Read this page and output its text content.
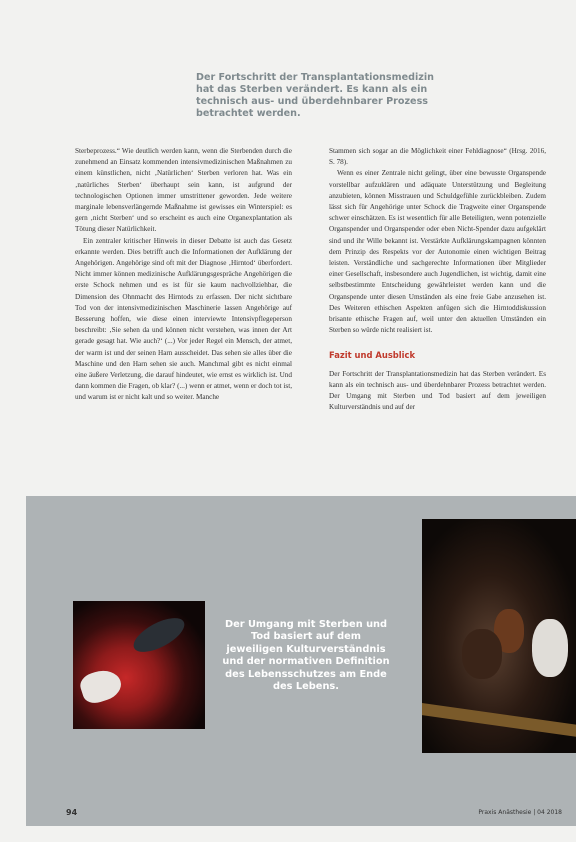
Der Fortschritt der Transplantationsmedizin hat das Sterben verändert. Es kann als ein technisch aus- und überdehnbarer Prozess betrachtet werden.

Sterbeprozess.“ Wie deutlich werden kann, wenn die Sterbenden durch die zunehmend an Einsatz kommenden intensivmedizinischen Maßnahmen zu einem künstlichen, nicht ‚Natürlichen‘ Sterben verloren hat. Was ein ‚natürliches Sterben‘ überhaupt sein kann, ist aufgrund der technologischen Optionen immer umstrittener geworden. Jede weitere marginale lebensverlängernde Maßnahme ist gewisses ein Winterspiel: es gern ‚nicht Sterben‘ und so erscheint es auch eine Organexplantation als Tötung dieser Natürlichkeit.

Ein zentraler kritischer Hinweis in dieser Debatte ist auch das Gesetz erkannte werden. Dies betrifft auch die Informationen der Aufklärung der Angehörigen. Angehörige sind oft mit der Diagnose ‚Hirntod‘ überfordert. Nicht immer können medizinische Aufklärungsgespräche Angehörigen die erste Schock nehmen und es ist für sie kaum nachvollziehbar, die Dimension des Ohnmacht des Hirntods zu erfassen. Der nicht sichtbare Tod von der intensivmedizinischen Maschinerie lassen Angehörige auf Besserung hoffen, wie diese einen interviewte Intensivpflegeperson beschreibt: ‚Sie sehen da und können nicht verstehen, was innen der Art gerade gesagt hat. Wie auch?‘ (...) Vor jeder Regel ein Mensch, der atmet, der warm ist und der seinen Harn ausscheidet. Das sehen sie alles über die Maschine und den Harn sehen sie auch. Manchmal gibt es nicht einmal eine äußere Verletzung, die darauf hindeutet, wie ernst es wirklich ist. Und dann kommen die Fragen, ob klar? (...) wenn er atmet, wenn er doch tot ist, und warum ist er nicht kalt und so weiter. Manche

Stammen sich sogar an die Möglichkeit einer Fehldiagnose“ (Hrsg. 2016, S. 78).

Wenn es einer Zentrale nicht gelingt, über eine bewusste Organspende vorstellbar aufzuklären und adäquate Unterstützung und Begleitung anzubieten, können Misstrauen und Schuldgefühle zurückbleiben. Zudem lässt sich für Angehörige unter Schock die Tragweite einer Organspende schwer einschätzen. Es ist wesentlich für alle Beteiligten, wenn potenzielle Organspender und Organspender oder eben Nicht-Spender dazu aufgeklärt sind und ihr Wille bekannt ist. Verstärkte Aufklärungskampagnen könnten dem Prinzip des Respekts vor der Autonomie einen wichtigen Beitrag leisten. Verständliche und sachgerechte Informationen über Mitglieder einer Gesellschaft, insbesondere auch Jugendlichen, ist wichtig, damit eine selbstbestimmte Entscheidung gewährleistet werden kann und die Organspende unter diesen Umständen als eine freie Gabe anzusehen ist. Des Weiteren ethischen Aspekten anfügen sich die Hirntoddiskussion brisante ethische Fragen auf, weil unter den aktuellen Umständen ein Sterben so würde nicht realisiert ist.

Fazit und Ausblick

Der Fortschritt der Transplantationsmedizin hat das Sterben verändert. Es kann als ein technisch aus- und überdehnbarer Prozess betrachtet werden. Der Umgang mit Sterben und Tod basiert auf dem jeweiligen Kulturverständnis und auf der

Der Umgang mit Sterben und Tod basiert auf dem jeweiligen Kulturverständnis und der normativen Definition des Lebensschutzes am Ende des Lebens.
94	Praxis Anästhesie | 04 2018
